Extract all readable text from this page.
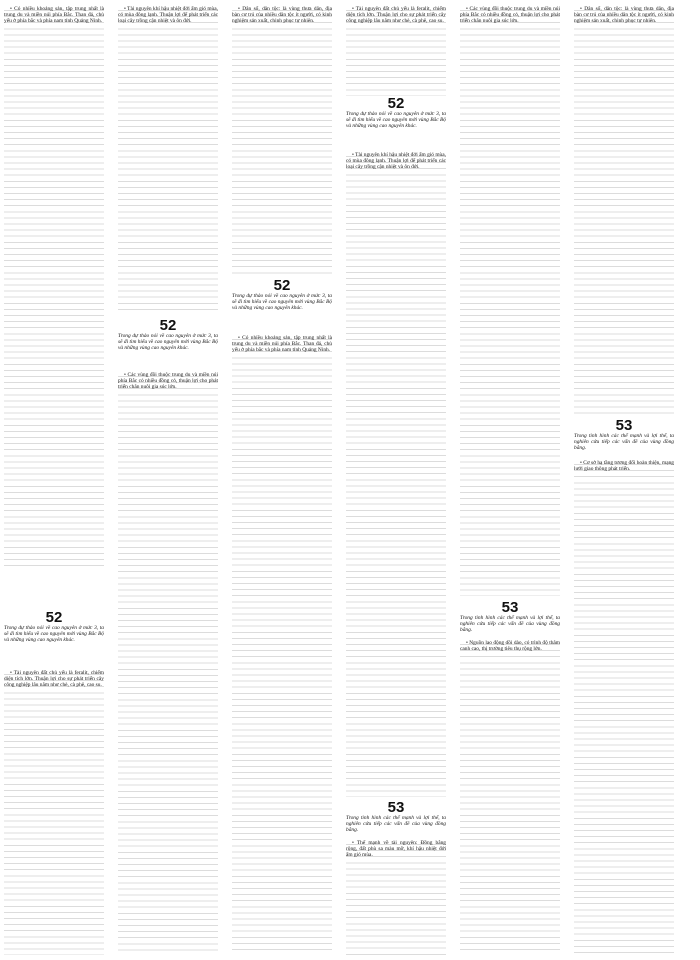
• Có nhiều khoảng sản, tập trung nhất là trung du và miền núi phía Bắc. Than đá, chủ yếu ở phía bắc và phía nam tỉnh Quảng Ninh.

52
Trong dự thảo nói về cao nguyên ở mức 3, ta sẽ đi tìm hiểu về cao nguyên mới vùng Bắc Bộ và những vùng cao nguyên khác.

• Tài nguyên đất chủ yếu là feralit, chiếm diện tích lớn. Thuận lợi cho sự phát triển cây công nghiệp lâu năm như chè, cà phê, cao su.

• Tài nguyên khí hậu nhiệt đới ẩm gió mùa, có mùa đông lạnh. Thuận lợi để phát triển các loại cây trồng cận nhiệt và ôn đới.

52
Trong dự thảo nói về cao nguyên ở mức 3, ta sẽ đi tìm hiểu về cao nguyên mới vùng Bắc Bộ và những vùng cao nguyên khác.

• Các vùng đồi thuộc trung du và miền núi phía Bắc có nhiều đồng cỏ, thuận lợi cho phát triển chăn nuôi gia súc lớn.

• Dân số, dân tộc: là vùng thưa dân, địa bàn cư trú của nhiều dân tộc ít người, có kinh nghiệm sản xuất, chinh phục tự nhiên.

52
Trong dự thảo nói về cao nguyên ở mức 3, ta sẽ đi tìm hiểu về cao nguyên mới vùng Bắc Bộ và những vùng cao nguyên khác.

• Có nhiều khoảng sản, tập trung nhất là trung du và miền núi phía Bắc. Than đá, chủ yếu ở phía bắc và phía nam tỉnh Quảng Ninh.

• Tài nguyên đất chủ yếu là feralit, chiếm diện tích lớn. Thuận lợi cho sự phát triển cây công nghiệp lâu năm như chè, cà phê, cao su.

52
Trong dự thảo nói về cao nguyên ở mức 3, ta sẽ đi tìm hiểu về cao nguyên mới vùng Bắc Bộ và những vùng cao nguyên khác.

• Tài nguyên khí hậu nhiệt đới ẩm gió mùa, có mùa đông lạnh. Thuận lợi để phát triển các loại cây trồng cận nhiệt và ôn đới.

53
Trong tình hình các thế mạnh và lợi thế, ta nghiên cứu tiếp các vấn đề của vùng đồng bằng.

• Thế mạnh về tài nguyên: Đồng bằng rộng, đất phù sa màu mỡ, khí hậu nhiệt đới ẩm gió mùa.

• Các vùng đồi thuộc trung du và miền núi phía Bắc có nhiều đồng cỏ, thuận lợi cho phát triển chăn nuôi gia súc lớn.

53
Trong tình hình các thế mạnh và lợi thế, ta nghiên cứu tiếp các vấn đề của vùng đồng bằng.

• Nguồn lao động dồi dào, có trình độ thâm canh cao, thị trường tiêu thụ rộng lớn.

• Dân số, dân tộc: là vùng thưa dân, địa bàn cư trú của nhiều dân tộc ít người, có kinh nghiệm sản xuất, chinh phục tự nhiên.

53
Trong tình hình các thế mạnh và lợi thế, ta nghiên cứu tiếp các vấn đề của vùng đồng bằng.

• Cơ sở hạ tầng tương đối hoàn thiện, mạng lưới giao thông phát triển.
